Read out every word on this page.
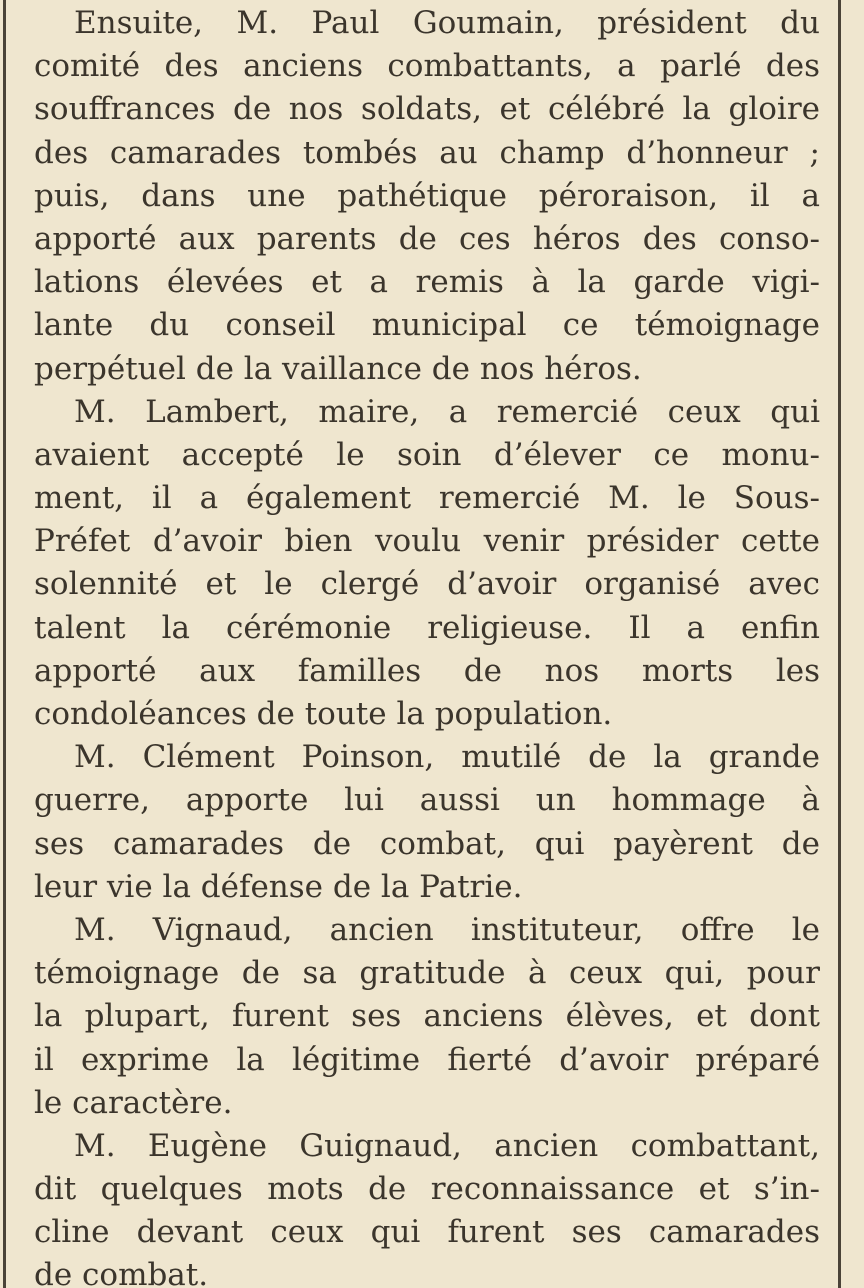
Ensuite, M. Paul Goumain, président du
comité des anciens combattants, a parlé des
souffrances de nos soldats, et célébré la gloire
des camarades tombés au champ d’honneur ;
puis, dans une pathétique péroraison, il a
apporté aux parents de ces héros des conso-
lations élevées et a remis à la garde vigi-
lante du conseil municipal ce témoignage
perpétuel de la vaillance de nos héros.
M. Lambert, maire, a remercié ceux qui
avaient accepté le soin d’élever ce monu-
ment, il a également remercié M. le Sous-
Préfet d’avoir bien voulu venir présider cette
solennité et le clergé d’avoir organisé avec
talent la cérémonie religieuse. Il a enfin
apporté aux familles de nos morts les
condoléances de toute la population.
M. Clément Poinson, mutilé de la grande
guerre, apporte lui aussi un hommage à
ses camarades de combat, qui payèrent de
leur vie la défense de la Patrie.
M. Vignaud, ancien instituteur, offre le
témoignage de sa gratitude à ceux qui, pour
la plupart, furent ses anciens élèves, et dont
il exprime la légitime fierté d’avoir préparé
le caractère.
M. Eugène Guignaud, ancien combattant,
dit quelques mots de reconnaissance et s’in-
cline devant ceux qui furent ses camarades
de combat.
